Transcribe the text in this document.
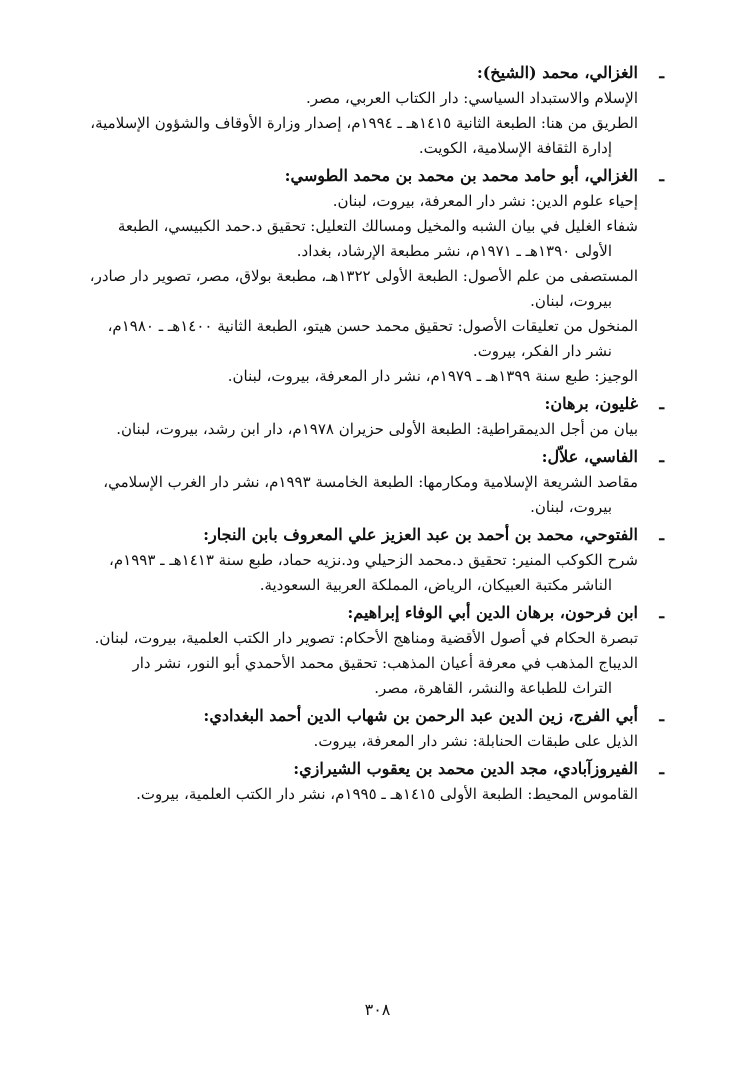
ـ
الغزالي، محمد (الشيخ):
الإسلام والاستبداد السياسي: دار الكتاب العربي، مصر.
الطريق من هنا: الطبعة الثانية ١٤١٥هـ ـ ١٩٩٤م، إصدار وزارة الأوقاف والشؤون الإسلامية، إدارة الثقافة الإسلامية، الكويت.
ـ
الغزالي، أبو حامد محمد بن محمد بن محمد الطوسي:
إحياء علوم الدين: نشر دار المعرفة، بيروت، لبنان.
شفاء الغليل في بيان الشبه والمخيل ومسالك التعليل: تحقيق د.حمد الكبيسي، الطبعة الأولى ١٣٩٠هـ ـ ١٩٧١م، نشر مطبعة الإرشاد، بغداد.
المستصفى من علم الأصول: الطبعة الأولى ١٣٢٢هـ، مطبعة بولاق، مصر، تصوير دار صادر، بيروت، لبنان.
المنخول من تعليقات الأصول: تحقيق محمد حسن هيتو، الطبعة الثانية ١٤٠٠هـ ـ ١٩٨٠م، نشر دار الفكر، بيروت.
الوجيز: طبع سنة ١٣٩٩هـ ـ ١٩٧٩م، نشر دار المعرفة، بيروت، لبنان.
ـ
غليون، برهان:
بيان من أجل الديمقراطية: الطبعة الأولى حزيران ١٩٧٨م، دار ابن رشد، بيروت، لبنان.
ـ
الفاسي، علاّل:
مقاصد الشريعة الإسلامية ومكارمها: الطبعة الخامسة ١٩٩٣م، نشر دار الغرب الإسلامي، بيروت، لبنان.
ـ
الفتوحي، محمد بن أحمد بن عبد العزيز علي المعروف بابن النجار:
شرح الكوكب المنير: تحقيق د.محمد الزحيلي ود.نزيه حماد، طبع سنة ١٤١٣هـ ـ ١٩٩٣م، الناشر مكتبة العبيكان، الرياض، المملكة العربية السعودية.
ـ
ابن فرحون، برهان الدين أبي الوفاء إبراهيم:
تبصرة الحكام في أصول الأقضية ومناهج الأحكام: تصوير دار الكتب العلمية، بيروت، لبنان.
الديباج المذهب في معرفة أعيان المذهب: تحقيق محمد الأحمدي أبو النور، نشر دار التراث للطباعة والنشر، القاهرة، مصر.
ـ
أبي الفرج، زين الدين عبد الرحمن بن شهاب الدين أحمد البغدادي:
الذيل على طبقات الحنابلة: نشر دار المعرفة، بيروت.
ـ
الفيروزآبادي، مجد الدين محمد بن يعقوب الشيرازي:
القاموس المحيط: الطبعة الأولى ١٤١٥هـ ـ ١٩٩٥م، نشر دار الكتب العلمية، بيروت.
٣٠٨
